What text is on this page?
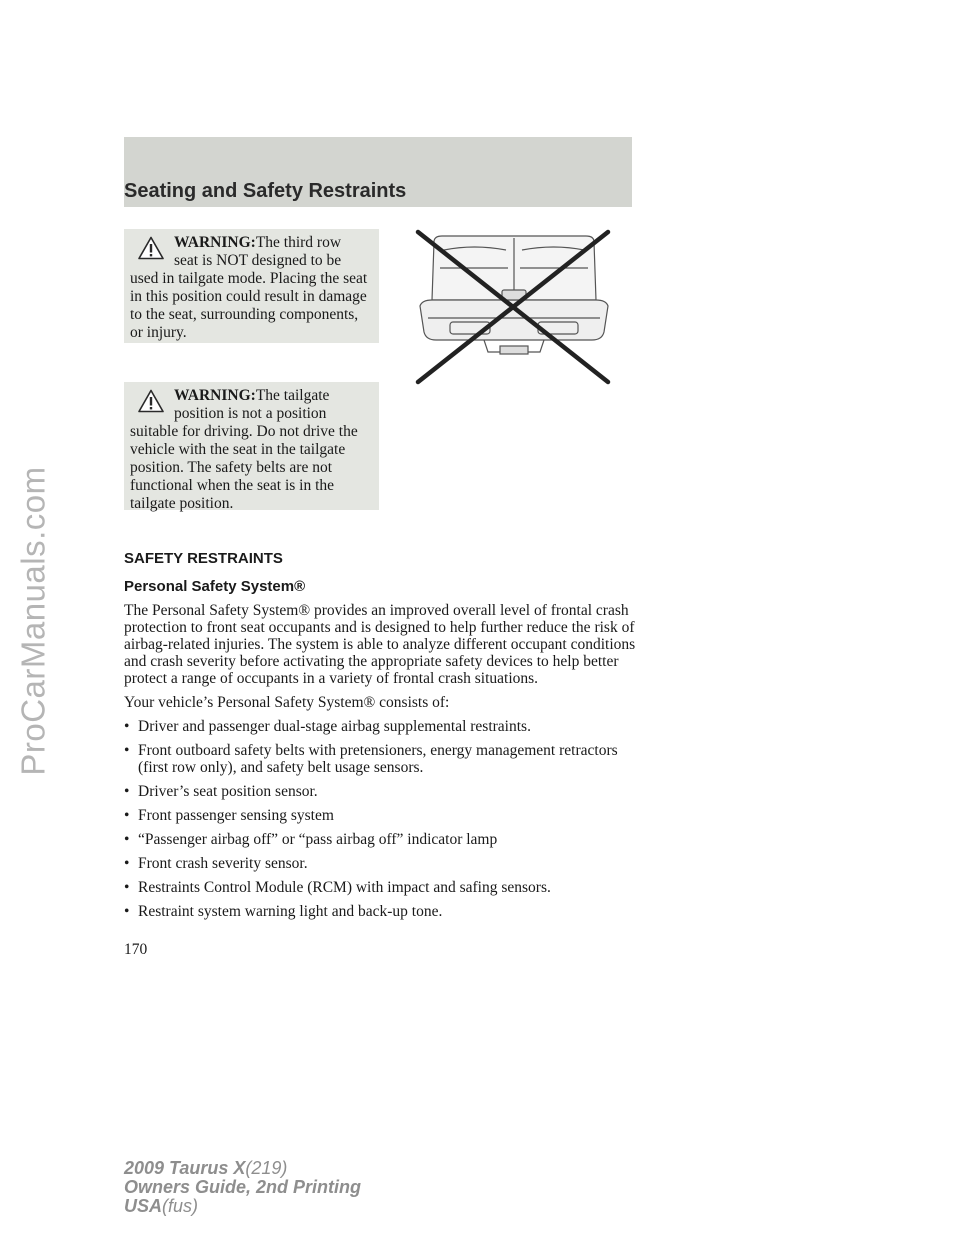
ProCarManuals.com
Seating and Safety Restraints
WARNING:The third row
seat is NOT designed to be
used in tailgate mode. Placing the seat in this position could result in damage to the seat, surrounding components, or injury.
WARNING:The tailgate
position is not a position
suitable for driving. Do not drive the vehicle with the seat in the tailgate position. The safety belts are not functional when the seat is in the tailgate position.
SAFETY RESTRAINTS
Personal Safety System®

The Personal Safety System® provides an improved overall level of frontal crash protection to front seat occupants and is designed to help further reduce the risk of airbag-related injuries. The system is able to analyze different occupant conditions and crash severity before activating the appropriate safety devices to help better protect a range of occupants in a variety of frontal crash situations.

Your vehicle’s Personal Safety System® consists of:

• Driver and passenger dual-stage airbag supplemental restraints.
• Front outboard safety belts with pretensioners, energy management retractors (first row only), and safety belt usage sensors.
• Driver’s seat position sensor.
• Front passenger sensing system
• “Passenger airbag off” or “pass airbag off” indicator lamp
• Front crash severity sensor.
• Restraints Control Module (RCM) with impact and safing sensors.
• Restraint system warning light and back-up tone.
170
2009 Taurus X(219)
Owners Guide, 2nd Printing
USA(fus)
